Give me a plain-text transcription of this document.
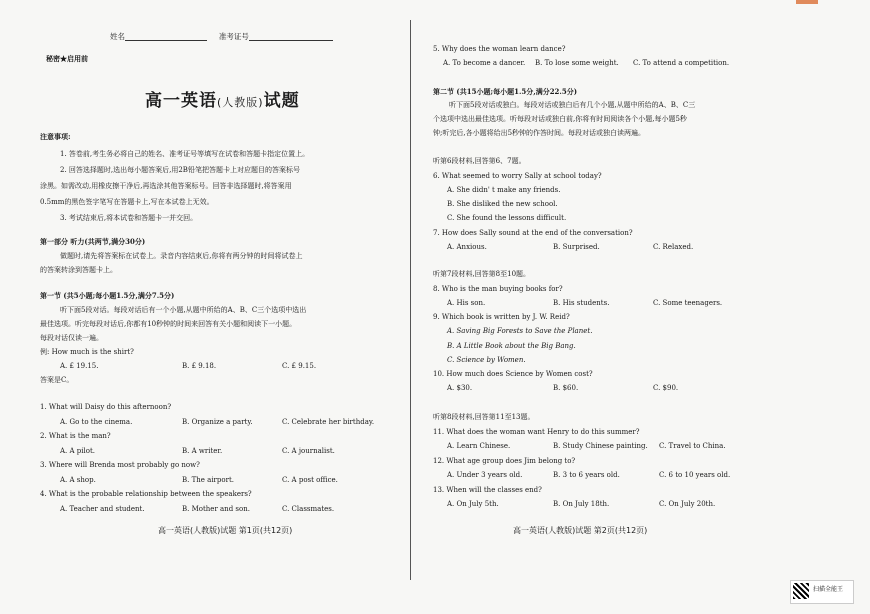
姓名	准考证号
秘密★启用前
高一英语(人教版)试题
注意事项:
1. 答卷前,考生务必将自己的姓名、准考证号等填写在试卷和答题卡指定位置上。
2. 回答选择题时,选出每小题答案后,用2B铅笔把答题卡上对应题目的答案标号
涂黑。如需改动,用橡皮擦干净后,再选涂其他答案标号。回答非选择题时,将答案用
0.5mm的黑色签字笔写在答题卡上,写在本试卷上无效。
3. 考试结束后,将本试卷和答题卡一并交回。
第一部分 听力(共两节,满分30分)
做题时,请先将答案标在试卷上。录音内容结束后,你将有两分钟的时间将试卷上
的答案转涂到答题卡上。
第一节 (共5小题;每小题1.5分,满分7.5分)
听下面5段对话。每段对话后有一个小题,从题中所给的A、B、C三个选项中选出
最佳选项。听完每段对话后,你都有10秒钟的时间来回答有关小题和阅读下一小题。
每段对话仅读一遍。
例: How much is the shirt?
A. £ 19.15.	B. £ 9.18.	C. £ 9.15.
答案是C。
1. What will Daisy do this afternoon?
A. Go to the cinema.	B. Organize a party.	C. Celebrate her birthday.
2. What is the man?
A. A pilot.	B. A writer.	C. A journalist.
3. Where will Brenda most probably go now?
A. A shop.	B. The airport.	C. A post office.
4. What is the probable relationship between the speakers?
A. Teacher and student.	B. Mother and son.	C. Classmates.
高一英语(人教版)试题 第1页(共12页)
5. Why does the woman learn dance?
A. To become a dancer. B. To lose some weight. C. To attend a competition.
第二节 (共15小题;每小题1.5分,满分22.5分)
听下面5段对话或独白。每段对话或独白后有几个小题,从题中所给的A、B、C三
个选项中选出最佳选项。听每段对话或独白前,你将有时间阅读各个小题,每小题5秒
钟;听完后,各小题将给出5秒钟的作答时间。每段对话或独白读两遍。
听第6段材料,回答第6、7题。
6. What seemed to worry Sally at school today?
A. She didn' t make any friends.
B. She disliked the new school.
C. She found the lessons difficult.
7. How does Sally sound at the end of the conversation?
A. Anxious.	B. Surprised.	C. Relaxed.
听第7段材料,回答第8至10题。
8. Who is the man buying books for?
A. His son.	B. His students.	C. Some teenagers.
9. Which book is written by J. W. Reid?
A. Saving Big Forests to Save the Planet.
B. A Little Book about the Big Bang.
C. Science by Women.
10. How much does Science by Women cost?
A. $30.	B. $60.	C. $90.
听第8段材料,回答第11至13题。
11. What does the woman want Henry to do this summer?
A. Learn Chinese.	B. Study Chinese painting. C. Travel to China.
12. What age group does Jim belong to?
A. Under 3 years old.	B. 3 to 6 years old.	C. 6 to 10 years old.
13. When will the classes end?
A. On July 5th.	B. On July 18th.	C. On July 20th.
高一英语(人教版)试题 第2页(共12页)
扫描全能王
